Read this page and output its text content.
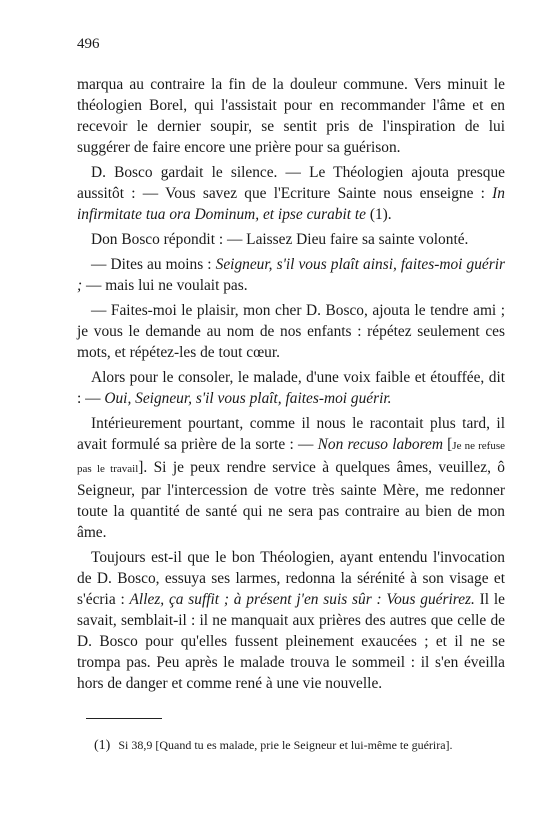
496

marqua au contraire la fin de la douleur commune. Vers minuit le théologien Borel, qui l'assistait pour en recommander l'âme et en recevoir le dernier soupir, se sentit pris de l'inspiration de lui suggérer de faire encore une prière pour sa guérison.

D. Bosco gardait le silence. — Le Théologien ajouta presque aussitôt : — Vous savez que l'Ecriture Sainte nous enseigne : In infirmitate tua ora Dominum, et ipse curabit te (1).

Don Bosco répondit : — Laissez Dieu faire sa sainte volonté.

— Dites au moins : Seigneur, s'il vous plaît ainsi, faites-moi guérir ; — mais lui ne voulait pas.

— Faites-moi le plaisir, mon cher D. Bosco, ajouta le tendre ami ; je vous le demande au nom de nos enfants : répétez seulement ces mots, et répétez-les de tout cœur.

Alors pour le consoler, le malade, d'une voix faible et étouffée, dit : — Oui, Seigneur, s'il vous plaît, faites-moi guérir.

Intérieurement pourtant, comme il nous le racontait plus tard, il avait formulé sa prière de la sorte : — Non recuso laborem [Je ne refuse pas le travail]. Si je peux rendre service à quelques âmes, veuillez, ô Seigneur, par l'intercession de votre très sainte Mère, me redonner toute la quantité de santé qui ne sera pas contraire au bien de mon âme.

Toujours est-il que le bon Théologien, ayant entendu l'invocation de D. Bosco, essuya ses larmes, redonna la sérénité à son visage et s'écria : Allez, ça suffit ; à présent j'en suis sûr : Vous guérirez. Il le savait, semblait-il : il ne manquait aux prières des autres que celle de D. Bosco pour qu'elles fussent pleinement exaucées ; et il ne se trompa pas. Peu après le malade trouva le sommeil : il s'en éveilla hors de danger et comme rené à une vie nouvelle.

(1) Si 38,9 [Quand tu es malade, prie le Seigneur et lui-même te guérira].
